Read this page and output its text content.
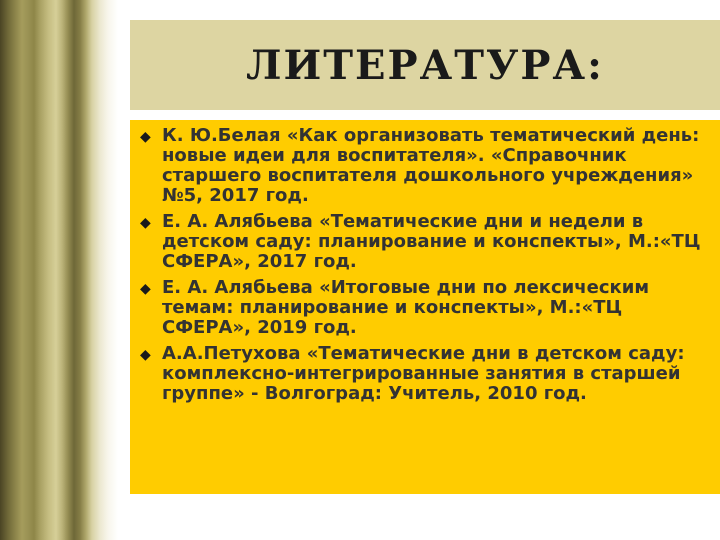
ЛИТЕРАТУРА:
◆ К. Ю.Белая «Как организовать тематический день: новые идеи для воспитателя». «Справочник старшего воспитателя дошкольного учреждения» №5, 2017 год.
◆ Е. А. Алябьева «Тематические дни и недели в детском саду: планирование и конспекты», М.:«ТЦ СФЕРА», 2017 год.
◆ Е. А. Алябьева «Итоговые дни по лексическим темам: планирование и конспекты», М.:«ТЦ СФЕРА», 2019 год.
◆ А.А.Петухова «Тематические дни в детском саду: комплексно-интегрированные занятия в старшей группе» - Волгоград: Учитель, 2010 год.
